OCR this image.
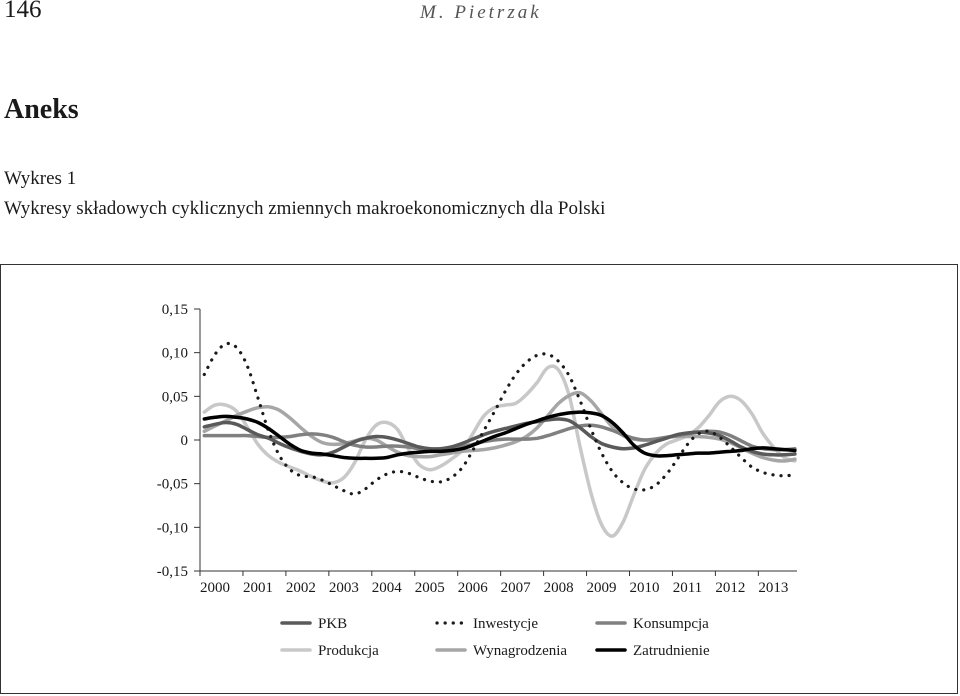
146	M. Pietrzak
Aneks
Wykres 1
Wykresy składowych cyklicznych zmiennych makroekonomicznych dla Polski
-0,15
-0,10
-0,05
0
0,05
0,10
0,15
2000 2001 2002 2003 2004 2005 2006 2007 2008 2009 2010 2011 2012 2013
PKB	Inwestycje	Konsumpcja
Produkcja	Wynagrodzenia	Zatrudnienie
